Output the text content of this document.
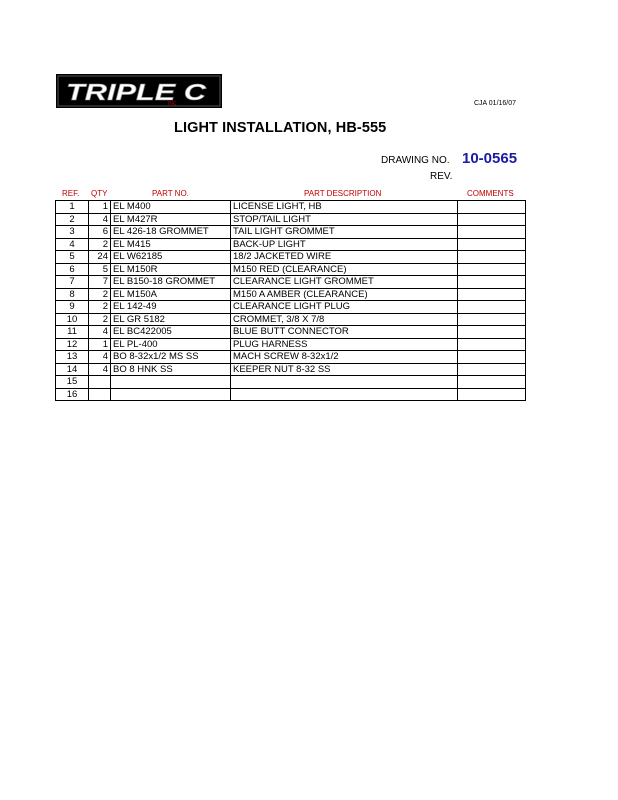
TRIPLE C
INC	CJA 01/16/07
LIGHT INSTALLATION, HB-555
DRAWING NO. 10-0565
REV.
REF. QTY	PART NO.	PART DESCRIPTION	COMMENTS
1	1	EL M400	LICENSE LIGHT, HB	
2	4	EL M427R	STOP/TAIL LIGHT	
3	6	EL 426-18 GROMMET	TAIL LIGHT GROMMET	
4	2	EL M415	BACK-UP LIGHT	
5	24	EL W62185	18/2 JACKETED WIRE	
6	5	EL M150R	M150 RED (CLEARANCE)	
7	7	EL B150-18 GROMMET	CLEARANCE LIGHT GROMMET	
8	2	EL M150A	M150 A AMBER (CLEARANCE)	
9	2	EL 142-49	CLEARANCE LIGHT PLUG	
10	2	EL GR 5182	CROMMET, 3/8 X 7/8	
11	4	EL BC422005	BLUE BUTT CONNECTOR	
12	1	EL PL-400	PLUG HARNESS	
13	4	BO 8-32x1/2 MS SS	MACH SCREW 8-32x1/2	
14	4	BO 8 HNK SS	KEEPER NUT 8-32 SS	
15				
16				
